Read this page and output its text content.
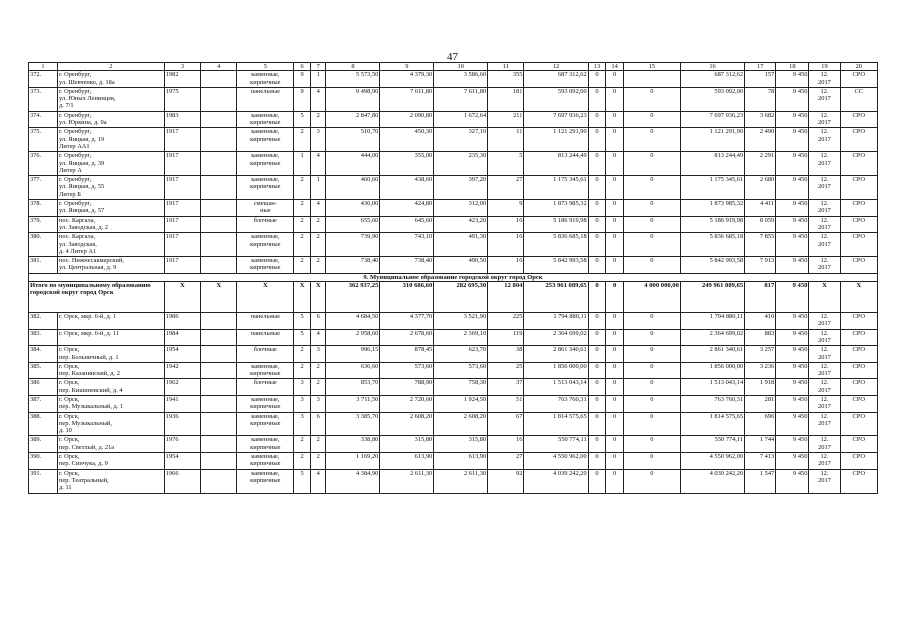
47
1	2	3	4	5	6	7	8	9	10	11	12	13	14	15	16	17	18	19	20
372.	г. Оренбург,
ул. Шевченко, д. 18а	1982		каменные,
кирпичные	9	1	5 573,50	4 379,30	3 586,60	355	687 312,62	0	0		687 312,62	157	9 450	12.
2017	СРО
373.	г. Оренбург,
ул. Юных Ленинцев,
д. 7/1	1975		панельные	9	4	9 498,90	7 611,80	7 611,80	181	593 092,00	0	0	0	593 092,00	78	9 450	12.
2017	СС
374.	г. Оренбург,
ул. Юркина, д. 9а	1983		каменные,
кирпичные	5	2	2 847,80	2 090,80	1 672,64	211	7 697 936,23	0	0	0	7 697 936,23	3 682	9 450	12.
2017	СРО
375.	г. Оренбург,
ул. Яицкая, д. 19
Литер АА1	1917		каменные,
кирпичные	2	3	510,70	450,30	327,10	11	1 121 291,90	0	0	0	1 121 291,90	2 490	9 450	12.
2017	СРО
376.	г. Оренбург,
ул. Яицкая, д. 39
Литер А	1917		каменные,
кирпичные	1	4	444,00	355,00	235,30	5	813 244,49	0	0	0	813 244,49	2 291	9 450	12.
2017	СРО
377.	г. Оренбург,
ул. Яицкая, д. 55
Литер Б	1917		каменные,
кирпичные	2	1	460,60	438,60	397,20	27	1 175 345,61	0	0	0	1 175 345,61	2 680	9 450	12.
2017	СРО
378.	г. Оренбург,
ул. Яицкая, д. 57	1917		смешан-
ные	2	4	436,00	424,80	312,00	9	1 873 985,32	0	0	0	1 873 985,32	4 411	9 450	12.
2017	СРО
379.	пос. Каргала,
ул. Заводская, д. 2	1917		блочные	2	2	655,60	645,60	423,20	16	5 186 919,98	0	0	0	5 186 919,98	8 059	9 450	12.
2017	СРО
380.	пос. Каргала,
ул. Заводская,
д. 4 Литер А1	1917		каменные,
кирпичные	2	2	739,90	743,10	491,30	16	5 836 685,18	0	0	0	5 836 685,18	7 855	9 450	12.
2017	СРО
381.	пос. Нижнесакмарский,
ул. Центральная, д. 9	1917		каменные,
кирпичные	2	2	738,40	738,40	490,50	16	5 842 993,58	0	0	0	5 842 993,58	7 913	9 450	12.
2017	СРО
9. Муниципальное образование городской округ город Орск																			
Итого по муниципальному образованию городской округ город Орск		X	X	X	X	X	362 937,25	310 686,60	282 695,30	12 804	253 961 089,65	0	0	4 000 000,00	249 961 089,65	817	9 450	X	X
382.	г. Орск, мкр. 6-й, д. 1	1986		панельные	5	6	4 684,50	4 377,70	3 521,90	225	1 794 880,11	0	0	0	1 794 880,11	410	9 450	12.
2017	СРО
383.	г. Орск, мкр. 6-й, д. 11	1984		панельные	5	4	2 958,60	2 678,60	2 369,10	119	2 364 699,02	0	0	0	2 364 699,02	883	9 450	12.
2017	СРО
384.	г. Орск,
пер. Больничный, д. 1	1954		блочные	2	3	996,15	878,45	623,70	38	2 861 340,61	0	0	0	2 861 340,61	3 257	9 450	12.
2017	СРО
385.	г. Орск,
пер. Казанинский, д. 2	1942		каменные,
кирпичные	2	2	636,60	573,60	573,60	25	1 856 000,00	0	0	0	1 856 000,00	3 236	9 450	12.
2017	СРО
386	г. Орск,
пер. Кишиневский, д. 4	1962		блочные	3	2	853,70	788,90	758,30	37	1 513 043,14	0	0	0	1 513 043,14	1 918	9 450	12.
2017	СРО
387.	г. Орск,
пер. Музыкальный, д. 1	1941		каменные,
кирпичные	3	3	3 711,50	2 720,60	1 924,50	51	763 760,31	0	0	0	763 760,31	281	9 450	12.
2017	СРО
388.	г. Орск,
пер. Музыкальный,
д. 10	1936		каменные,
кирпичные	3	6	3 385,70	2 608,20	2 608,20	67	1 814 575,65	0	0	0	1 814 575,65	696	9 450	12.
2017	СРО
389.	г. Орск,
пер. Светлый, д. 21а	1976		каменные,
кирпичные	2	2	338,80	315,80	315,80	16	550 774,11	0	0	0	550 774,11	1 744	9 450	12.
2017	СРО
390.	г. Орск,
пер. Синчука, д. 9	1954		каменные,
кирпичные	2	2	1 169,20	613,90	613,90	27	4 550 962,00	0	0	0	4 550 962,00	7 413	9 450	12.
2017	СРО
391.	г. Орск,
пер. Театральный,
д. 11	1966		каменные,
кирпичные	5	4	4 384,90	2 611,30	2 611,30	92	4 039 242,20	0	0	0	4 039 242,20	1 547	9 450	12.
2017	СРО
